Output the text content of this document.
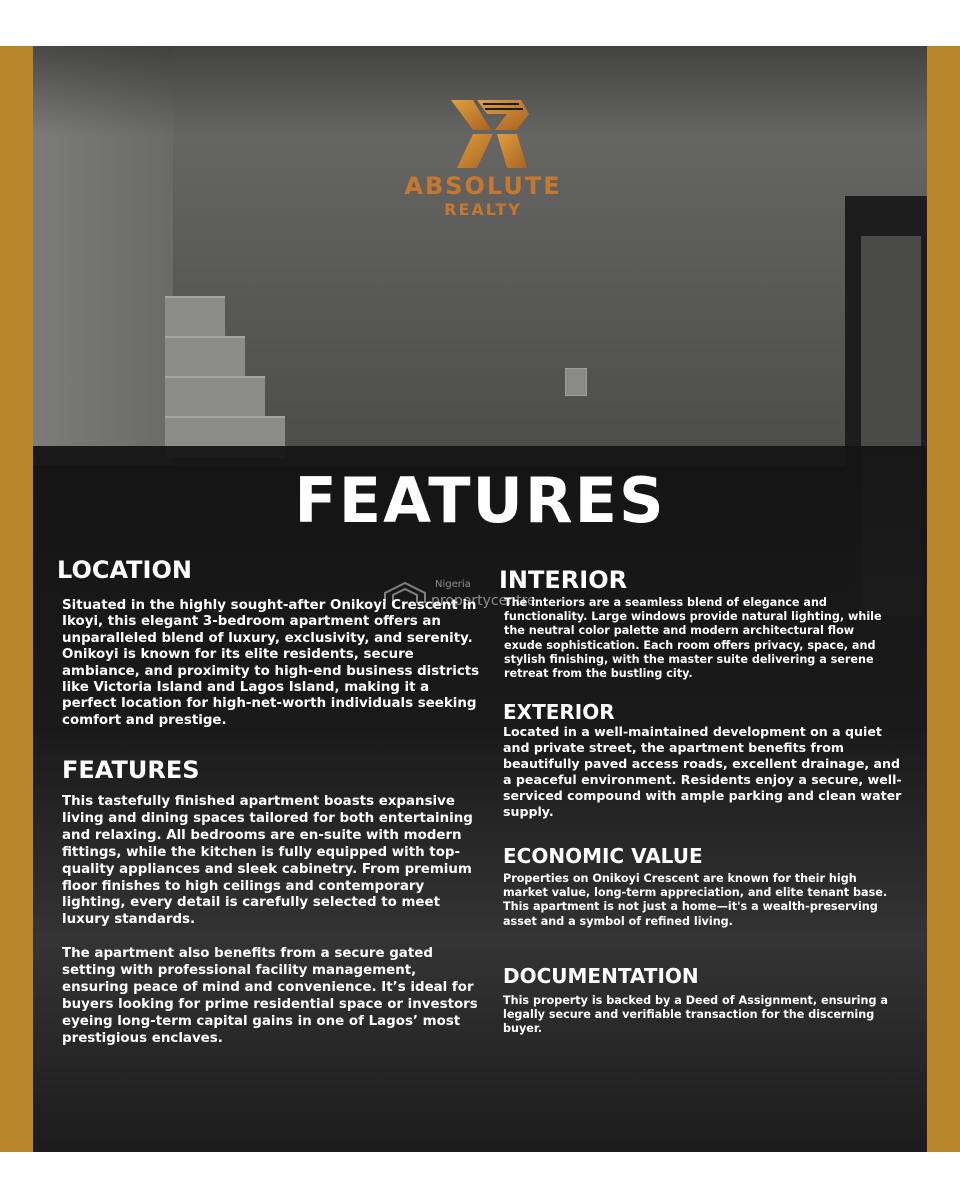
ABSOLUTE
REALTY
FEATURES
LOCATION

Situated in the highly sought-after Onikoyi Crescent in Ikoyi, this elegant 3-bedroom apartment offers an unparalleled blend of luxury, exclusivity, and serenity. Onikoyi is known for its elite residents, secure ambiance, and proximity to high-end business districts like Victoria Island and Lagos Island, making it a perfect location for high-net-worth individuals seeking comfort and prestige.

FEATURES

This tastefully finished apartment boasts expansive living and dining spaces tailored for both entertaining and relaxing. All bedrooms are en-suite with modern fittings, while the kitchen is fully equipped with top-quality appliances and sleek cabinetry. From premium floor finishes to high ceilings and contemporary lighting, every detail is carefully selected to meet luxury standards.

The apartment also benefits from a secure gated setting with professional facility management, ensuring peace of mind and convenience. It’s ideal for buyers looking for prime residential space or investors eyeing long-term capital gains in one of Lagos’ most prestigious enclaves.

INTERIOR

The interiors are a seamless blend of elegance and functionality. Large windows provide natural lighting, while the neutral color palette and modern architectural flow exude sophistication. Each room offers privacy, space, and stylish finishing, with the master suite delivering a serene retreat from the bustling city.

EXTERIOR

Located in a well-maintained development on a quiet and private street, the apartment benefits from beautifully paved access roads, excellent drainage, and a peaceful environment. Residents enjoy a secure, well-serviced compound with ample parking and clean water supply.

ECONOMIC VALUE

Properties on Onikoyi Crescent are known for their high market value, long-term appreciation, and elite tenant base. This apartment is not just a home—it's a wealth-preserving asset and a symbol of refined living.

DOCUMENTATION

This property is backed by a Deed of Assignment, ensuring a legally secure and verifiable transaction for the discerning buyer.

Nigeria
propertycentre
